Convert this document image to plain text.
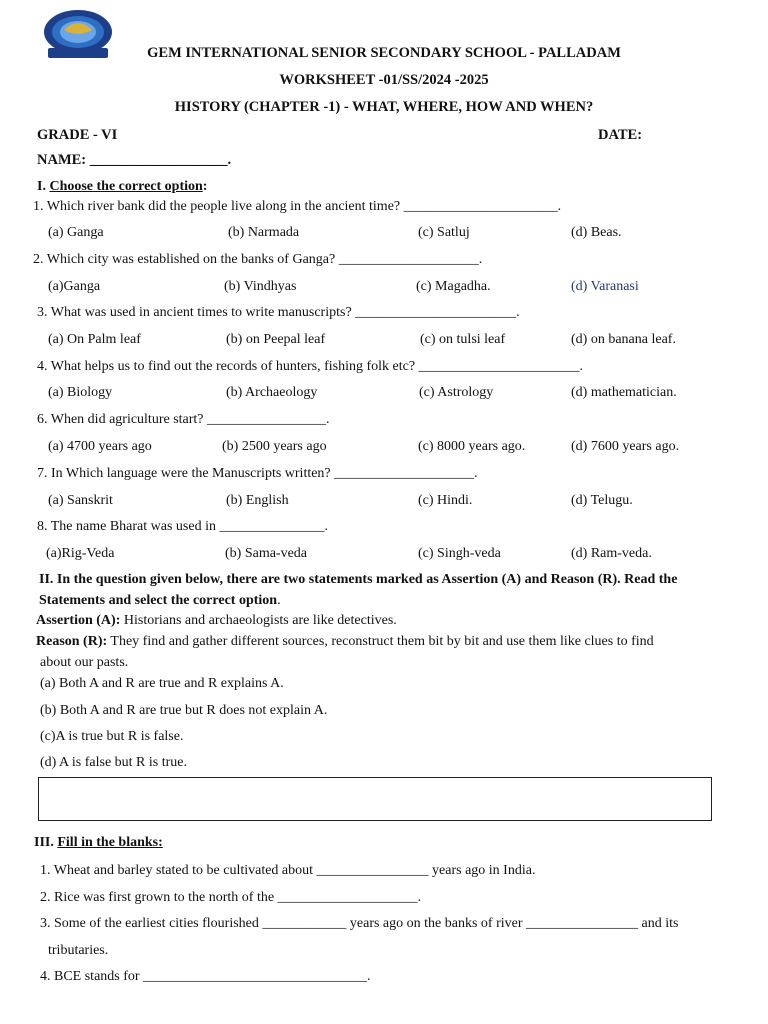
GEM INTERNATIONAL SENIOR SECONDARY SCHOOL - PALLADAM
WORKSHEET -01/SS/2024 -2025
HISTORY (CHAPTER -1) - WHAT, WHERE, HOW AND WHEN?
GRADE - VI	DATE:
NAME: ___________________.
I. Choose the correct option:
1. Which river bank did the people live along in the ancient time? ______________________.
(a) Ganga	(b) Narmada	(c) Satluj	(d) Beas.
2. Which city was established on the banks of Ganga? ____________________.
(a)Ganga	(b) Vindhyas	(c) Magadha.	(d) Varanasi
3. What was used in ancient times to write manuscripts? _______________________.
(a) On Palm leaf	(b) on Peepal leaf	(c) on tulsi leaf	(d) on banana leaf.
4. What helps us to find out the records of hunters, fishing folk etc? _______________________.
(a) Biology	(b) Archaeology	(c) Astrology	(d) mathematician.
6. When did agriculture start? _________________.
(a) 4700 years ago	(b) 2500 years ago	(c) 8000 years ago.	(d) 7600 years ago.
7. In Which language were the Manuscripts written? ____________________.
(a) Sanskrit	(b) English	(c) Hindi.	(d) Telugu.
8. The name Bharat was used in _______________.
(a)Rig-Veda	(b) Sama-veda	(c) Singh-veda	(d) Ram-veda.
II. In the question given below, there are two statements marked as Assertion (A) and Reason (R). Read the
Statements and select the correct option.
Assertion (A): Historians and archaeologists are like detectives.
Reason (R): They find and gather different sources, reconstruct them bit by bit and use them like clues to find
about our pasts.
(a) Both A and R are true and R explains A.
(b) Both A and R are true but R does not explain A.
(c)A is true but R is false.
(d) A is false but R is true.
III. Fill in the blanks:
1. Wheat and barley stated to be cultivated about ________________ years ago in India.
2. Rice was first grown to the north of the ____________________.
3. Some of the earliest cities flourished ____________ years ago on the banks of river ________________ and its
tributaries.
4. BCE stands for ________________________________.
